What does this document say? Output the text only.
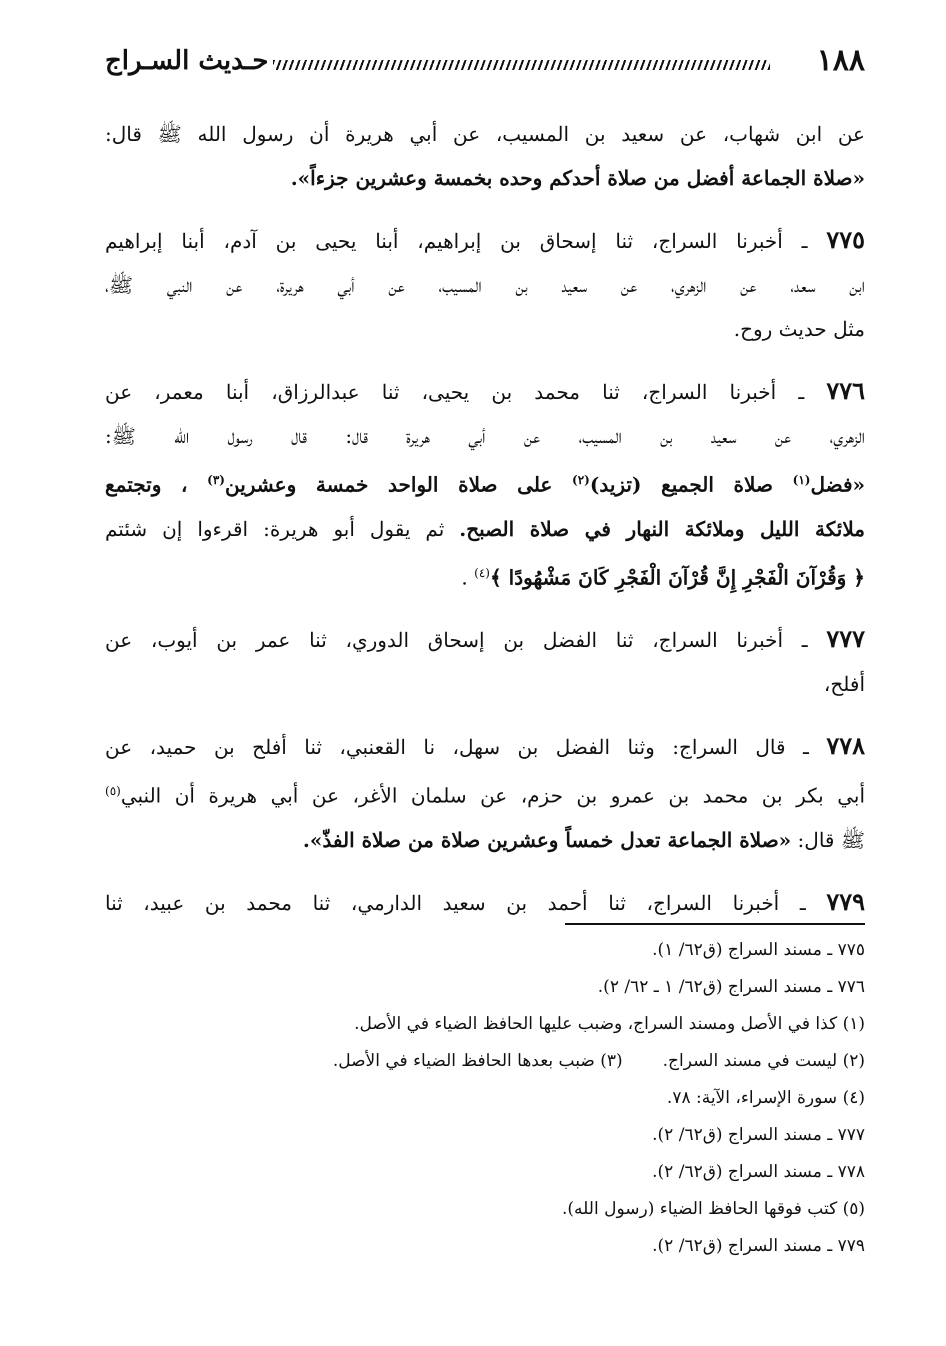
١٨٨
حـديث السـراج

عن ابن شهاب، عن سعيد بن المسيب، عن أبي هريرة أن رسول الله ﷺ قال:
«صلاة الجماعة أفضل من صلاة أحدكم وحده بخمسة وعشرين جزءاً».

٧٧٥ ـ أخبرنا السراج، ثنا إسحاق بن إبراهيم، أبنا يحيى بن آدم، أبنا إبراهيم
ابن سعد، عن الزهري، عن سعيد بن المسيب، عن أبي هريرة، عن النبي ﷺ،
مثل حديث روح.

٧٧٦ ـ أخبرنا السراج، ثنا محمد بن يحيى، ثنا عبدالرزاق، أبنا معمر، عن
الزهري، عن سعيد بن المسيب، عن أبي هريرة قال: قال رسول الله ﷺ:
«فضل$^{(١)}$ صلاة الجميع (تزيد)$^{(٢)}$ على صلاة الواحد خمسة وعشرين$^{(٣)}$ ، وتجتمع
ملائكة الليل وملائكة النهار في صلاة الصبح. ثم يقول أبو هريرة: اقرءوا إن شئتم
﴿ وَقُرْآنَ الْفَجْرِ إِنَّ قُرْآنَ الْفَجْرِ كَانَ مَشْهُودًا ﴾$^{(٤)}$ .

٧٧٧ ـ أخبرنا السراج، ثنا الفضل بن إسحاق الدوري، ثنا عمر بن أيوب، عن
أفلح،

٧٧٨ ـ قال السراج: وثنا الفضل بن سهل، نا القعنبي، ثنا أفلح بن حميد، عن
أبي بكر بن محمد بن عمرو بن حزم، عن سلمان الأغر، عن أبي هريرة أن النبي$^{(٥)}$
ﷺ قال: «صلاة الجماعة تعدل خمساً وعشرين صلاة من صلاة الفذّ».

٧٧٩ ـ أخبرنا السراج، ثنا أحمد بن سعيد الدارمي، ثنا محمد بن عبيد، ثنا

٧٧٥ ـ مسند السراج (ق٦٢/ ١).

٧٧٦ ـ مسند السراج (ق٦٢/ ١ ـ ٦٢/ ٢).

(١) كذا في الأصل ومسند السراج، وضبب عليها الحافظ الضياء في الأصل.

(٢) ليست في مسند السراج.(٣) ضبب بعدها الحافظ الضياء في الأصل.

(٤) سورة الإسراء، الآية: ٧٨.

٧٧٧ ـ مسند السراج (ق٦٢/ ٢).

٧٧٨ ـ مسند السراج (ق٦٢/ ٢).

(٥) كتب فوقها الحافظ الضياء (رسول الله).

٧٧٩ ـ مسند السراج (ق٦٢/ ٢).
